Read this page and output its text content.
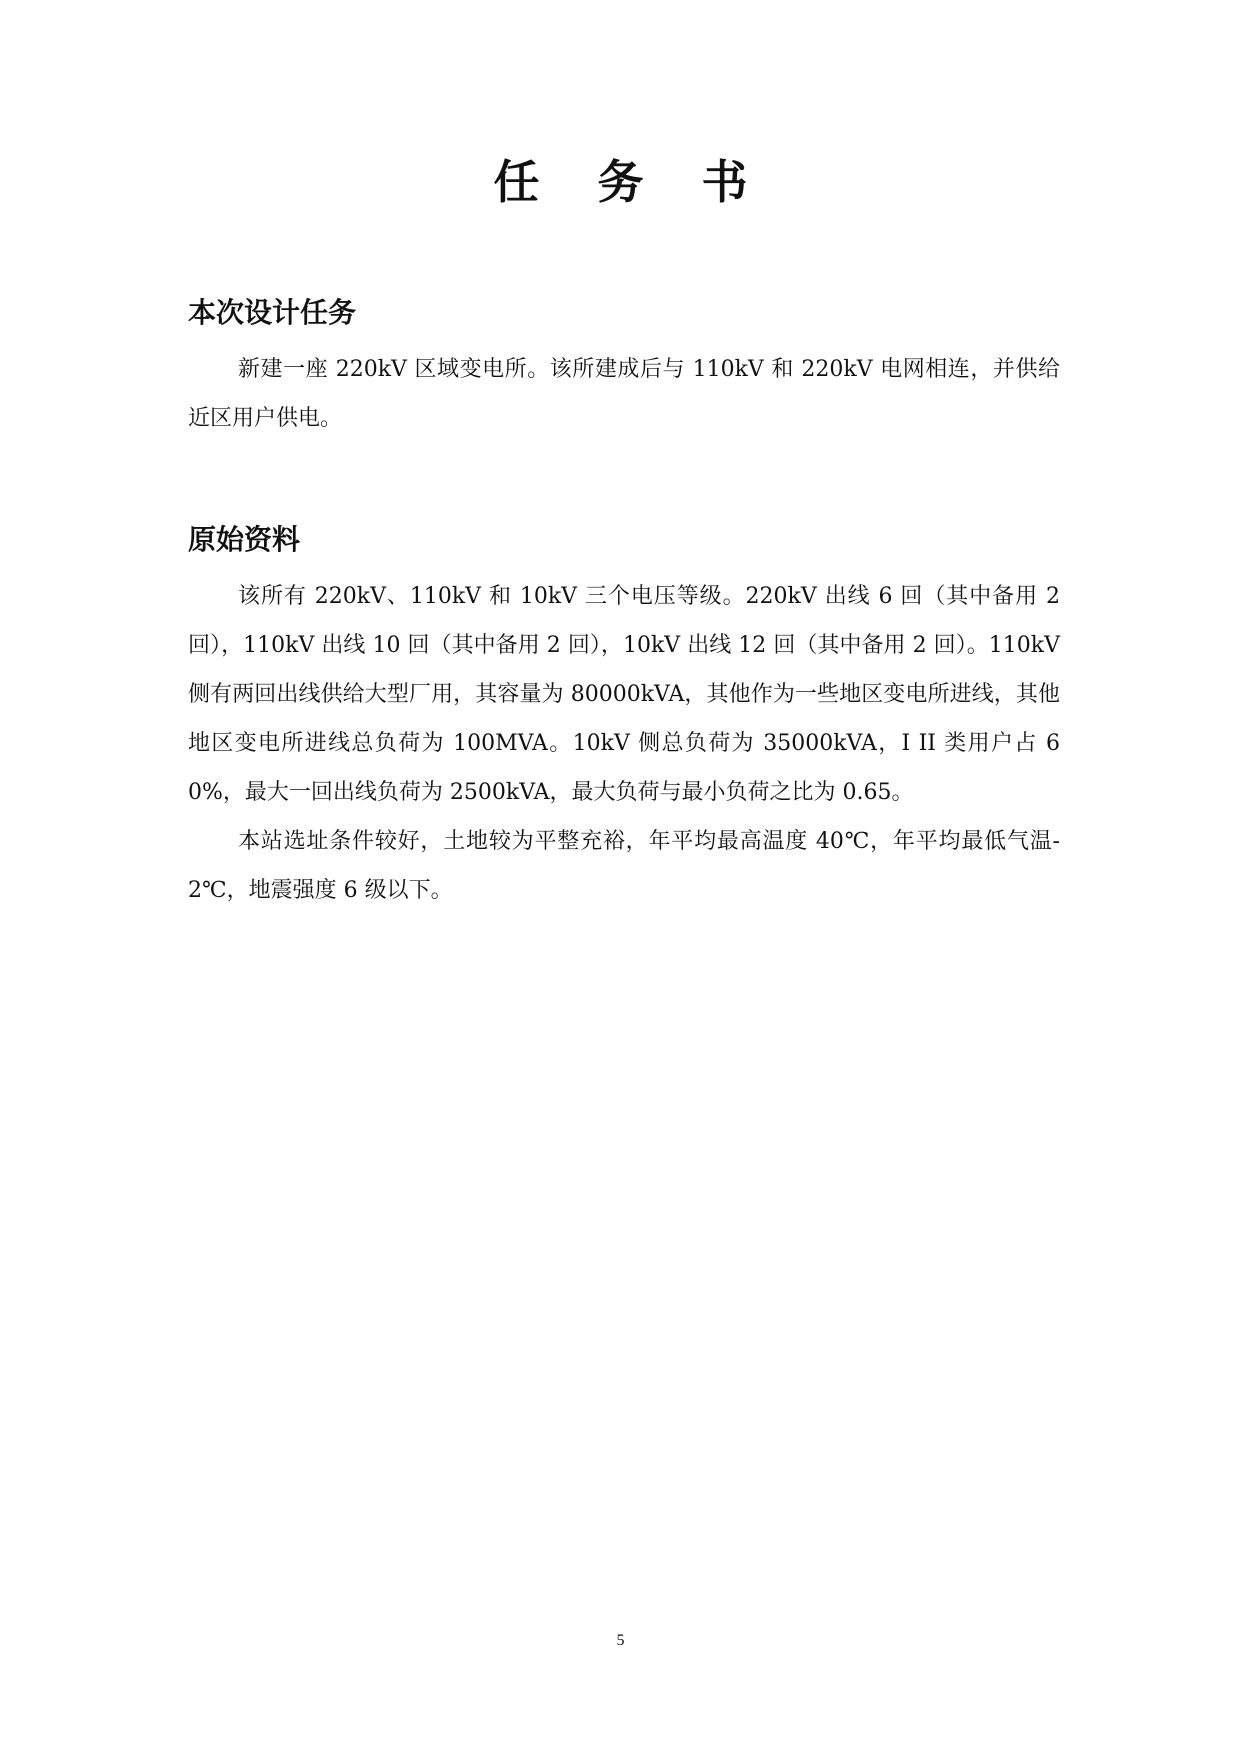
任务书
本次设计任务

新建一座 220kV 区域变电所。该所建成后与 110kV 和 220kV 电网相连，并供给近区用户供电。

原始资料

该所有 220kV、110kV 和 10kV 三个电压等级。220kV 出线 6 回（其中备用 2 回），110kV 出线 10 回（其中备用 2 回），10kV 出线 12 回（其中备用 2 回）。110kV 侧有两回出线供给大型厂用，其容量为 80000kVA，其他作为一些地区变电所进线，其他地区变电所进线总负荷为 100MVA。10kV 侧总负荷为 35000kVA，I II 类用户占 60%，最大一回出线负荷为 2500kVA，最大负荷与最小负荷之比为 0.65。

本站选址条件较好，土地较为平整充裕，年平均最高温度 40℃，年平均最低气温-2℃，地震强度 6 级以下。

5
